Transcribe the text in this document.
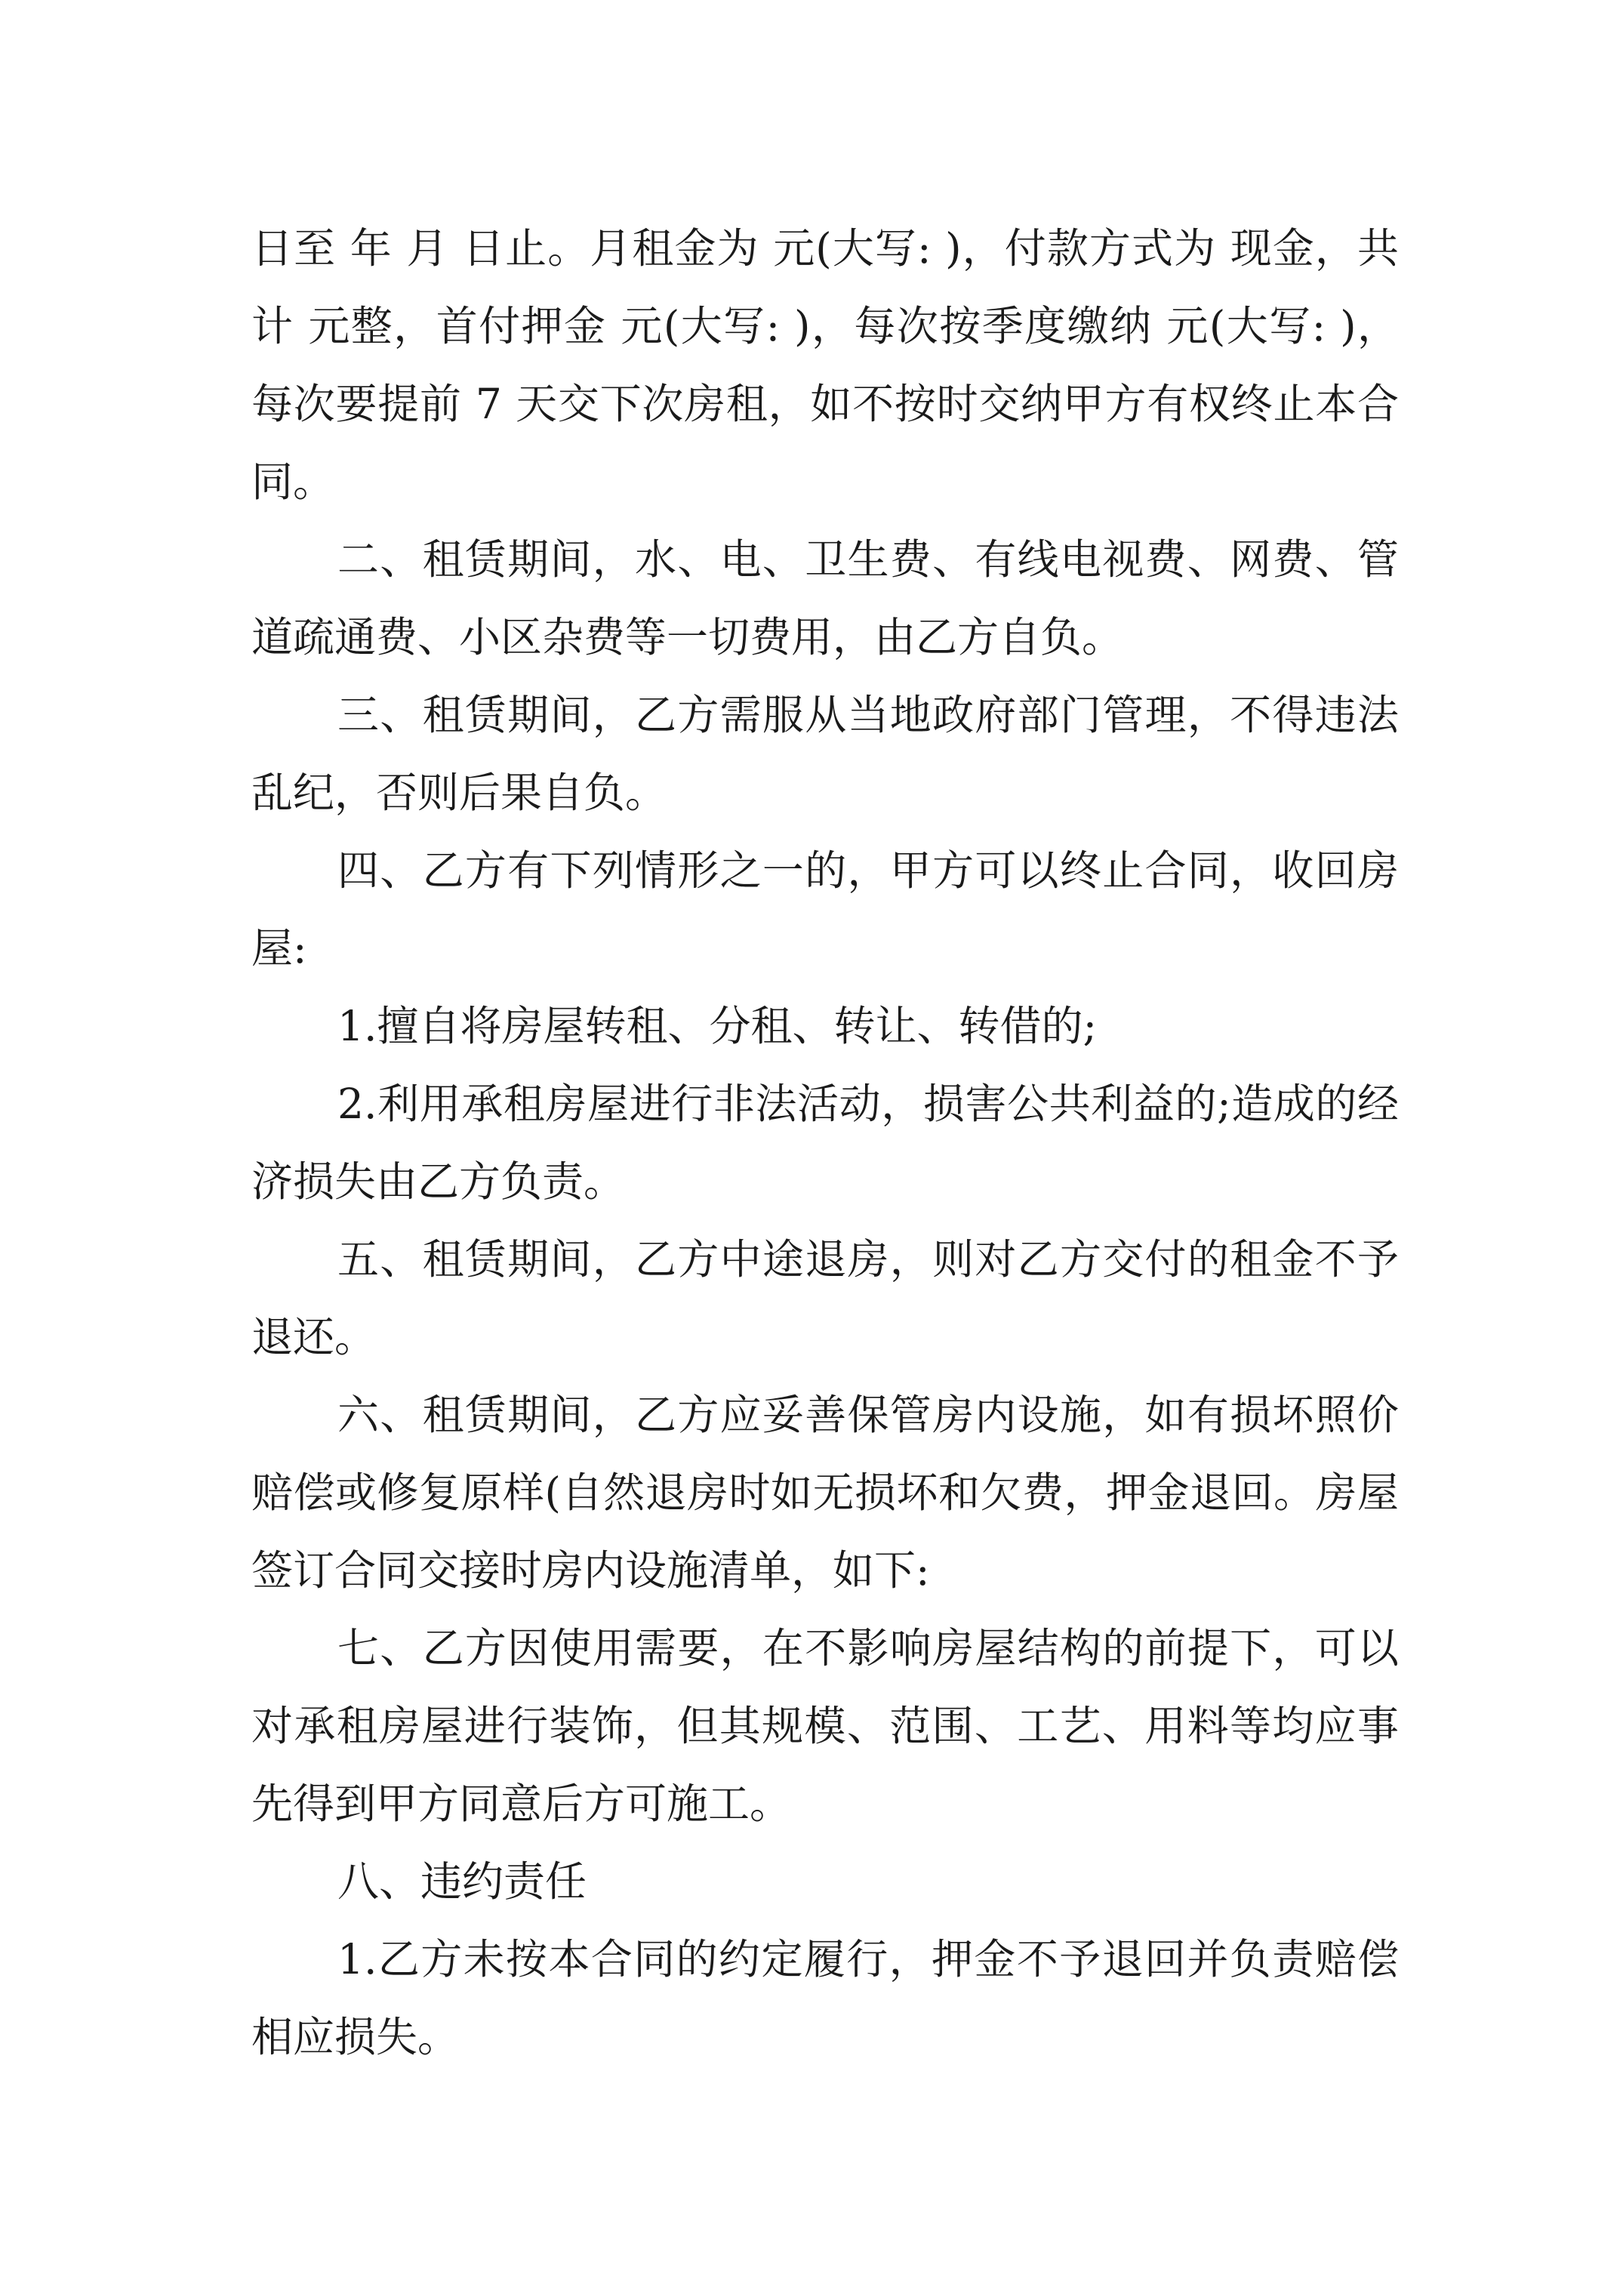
日至 年 月 日止。月租金为 元(大写: )，付款方式为 现金，共计 元整，首付押金 元(大写: )，每次按季度缴纳 元(大写: )，每次要提前 7 天交下次房租，如不按时交纳甲方有权终止本合同。

二、租赁期间，水、电、卫生费、有线电视费、网费、管道疏通费、小区杂费等一切费用，由乙方自负。

三、租赁期间，乙方需服从当地政府部门管理，不得违法乱纪，否则后果自负。

四、乙方有下列情形之一的，甲方可以终止合同，收回房屋:

1.擅自将房屋转租、分租、转让、转借的;

2.利用承租房屋进行非法活动，损害公共利益的;造成的经济损失由乙方负责。

五、租赁期间，乙方中途退房，则对乙方交付的租金不予退还。

六、租赁期间，乙方应妥善保管房内设施，如有损坏照价赔偿或修复原样(自然退房时如无损坏和欠费，押金退回。房屋签订合同交接时房内设施清单，如下:

七、乙方因使用需要，在不影响房屋结构的前提下，可以对承租房屋进行装饰，但其规模、范围、工艺、用料等均应事先得到甲方同意后方可施工。

八、违约责任

1.乙方未按本合同的约定履行，押金不予退回并负责赔偿相应损失。
